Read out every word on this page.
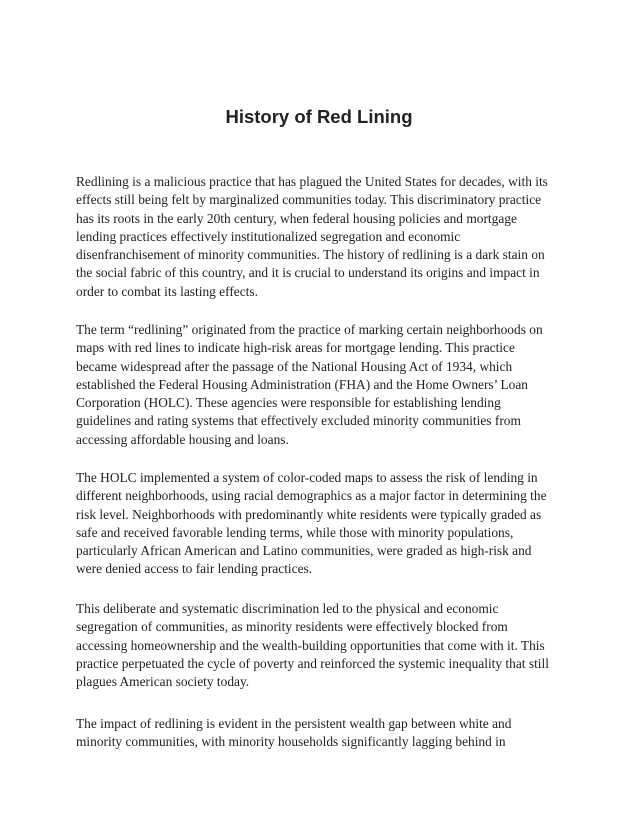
History of Red Lining

Redlining is a malicious practice that has plagued the United States for decades, with its
effects still being felt by marginalized communities today. This discriminatory practice
has its roots in the early 20th century, when federal housing policies and mortgage
lending practices effectively institutionalized segregation and economic
disenfranchisement of minority communities. The history of redlining is a dark stain on
the social fabric of this country, and it is crucial to understand its origins and impact in
order to combat its lasting effects.

The term “redlining” originated from the practice of marking certain neighborhoods on
maps with red lines to indicate high-risk areas for mortgage lending. This practice
became widespread after the passage of the National Housing Act of 1934, which
established the Federal Housing Administration (FHA) and the Home Owners’ Loan
Corporation (HOLC). These agencies were responsible for establishing lending
guidelines and rating systems that effectively excluded minority communities from
accessing affordable housing and loans.

The HOLC implemented a system of color-coded maps to assess the risk of lending in
different neighborhoods, using racial demographics as a major factor in determining the
risk level. Neighborhoods with predominantly white residents were typically graded as
safe and received favorable lending terms, while those with minority populations,
particularly African American and Latino communities, were graded as high-risk and
were denied access to fair lending practices.

This deliberate and systematic discrimination led to the physical and economic
segregation of communities, as minority residents were effectively blocked from
accessing homeownership and the wealth-building opportunities that come with it. This
practice perpetuated the cycle of poverty and reinforced the systemic inequality that still
plagues American society today.

The impact of redlining is evident in the persistent wealth gap between white and
minority communities, with minority households significantly lagging behind in
